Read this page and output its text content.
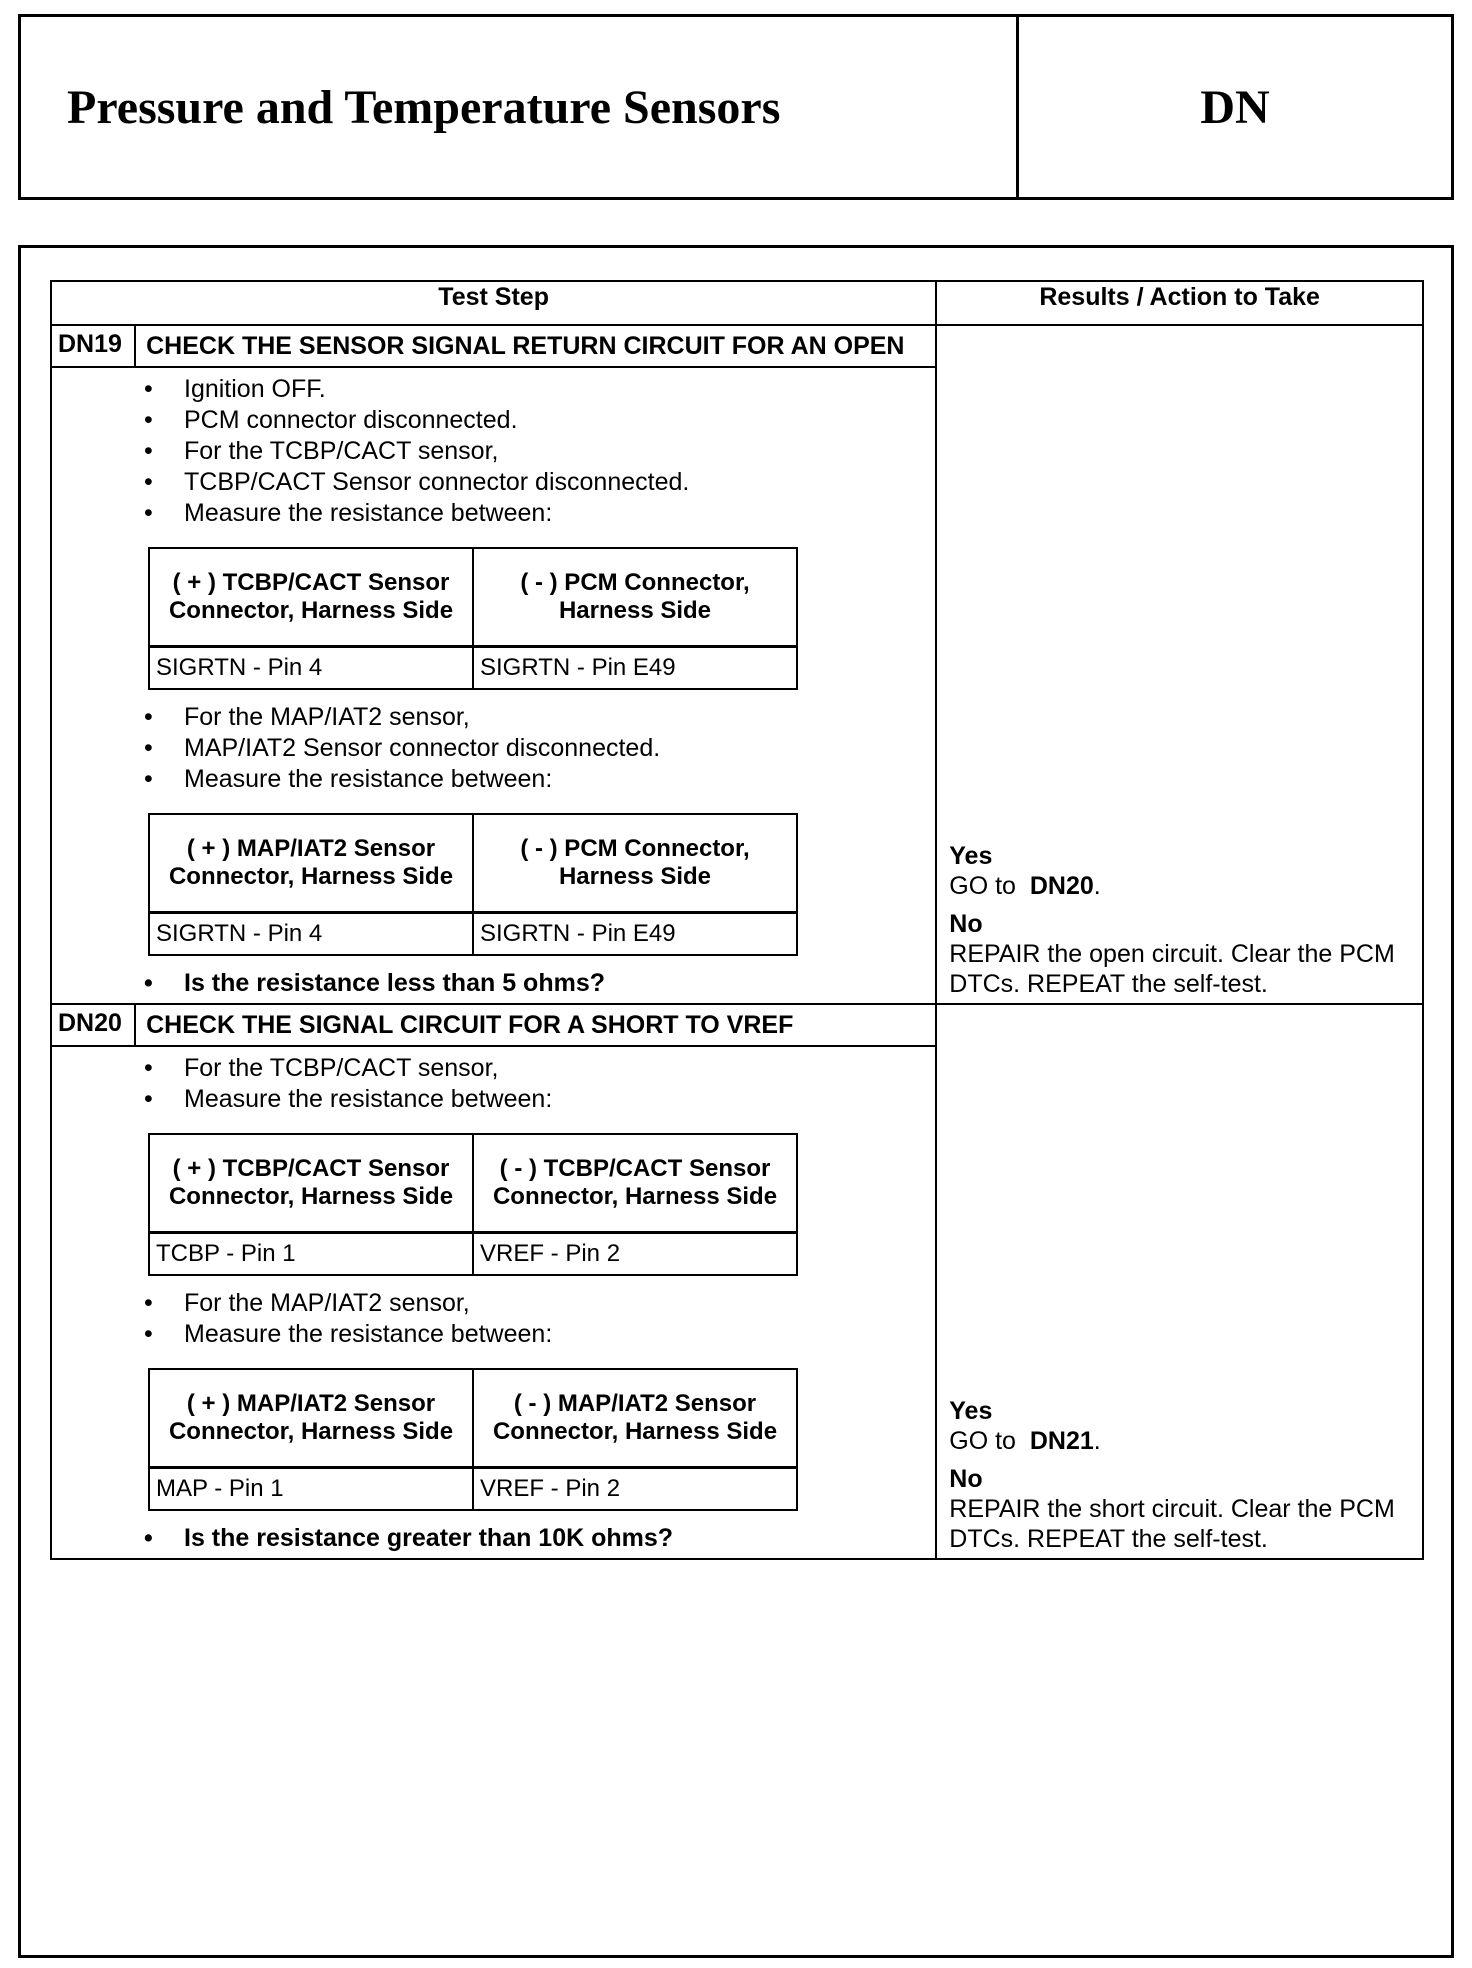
Pressure and Temperature Sensors	DN
Test Step	Results / Action to Take
DN19	CHECK THE SENSOR SIGNAL RETURN CIRCUIT FOR AN OPEN	
Yes
GO to DN20.
No
REPAIR the open circuit. Clear the PCM DTCs. REPEAT the self-test.

• Ignition OFF.
• PCM connector disconnected.
• For the TCBP/CACT sensor,
• TCBP/CACT Sensor connector disconnected.
• Measure the resistance between:
( + ) TCBP/CACT Sensor Connector, Harness Side	( - ) PCM Connector, Harness Side
SIGRTN - Pin 4	SIGRTN - Pin E49
• For the MAP/IAT2 sensor,
• MAP/IAT2 Sensor connector disconnected.
• Measure the resistance between:
( + ) MAP/IAT2 Sensor Connector, Harness Side	( - ) PCM Connector, Harness Side
SIGRTN - Pin 4	SIGRTN - Pin E49
• Is the resistance less than 5 ohms?

DN20	CHECK THE SIGNAL CIRCUIT FOR A SHORT TO VREF	
Yes
GO to DN21.
No
REPAIR the short circuit. Clear the PCM DTCs. REPEAT the self-test.

• For the TCBP/CACT sensor,
• Measure the resistance between:
( + ) TCBP/CACT Sensor Connector, Harness Side	( - ) TCBP/CACT Sensor Connector, Harness Side
TCBP - Pin 1	VREF - Pin 2
• For the MAP/IAT2 sensor,
• Measure the resistance between:
( + ) MAP/IAT2 Sensor Connector, Harness Side	( - ) MAP/IAT2 Sensor Connector, Harness Side
MAP - Pin 1	VREF - Pin 2
• Is the resistance greater than 10K ohms?
